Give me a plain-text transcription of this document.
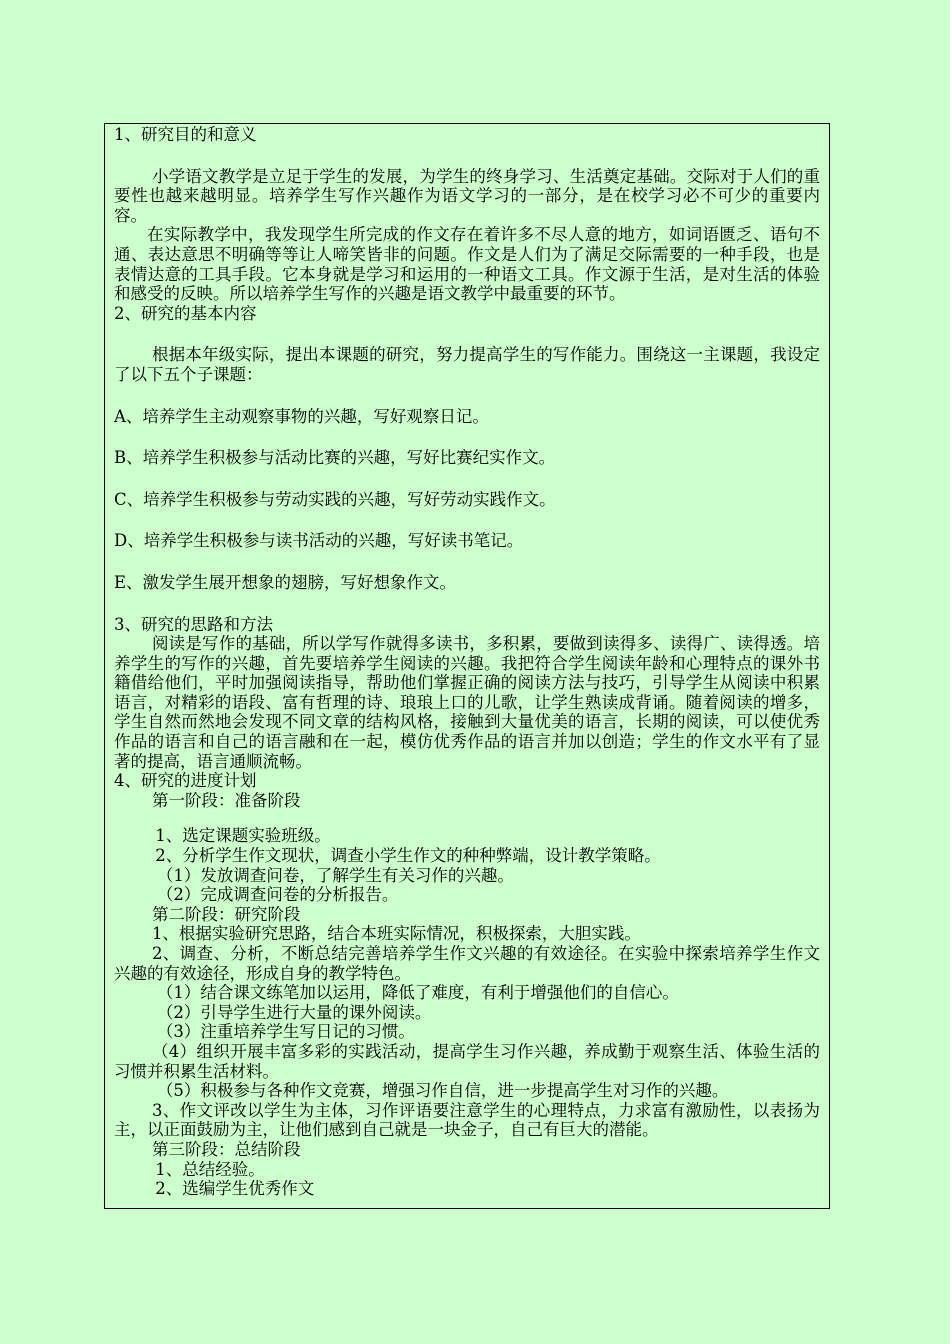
1、研究目的和意义

小学语文教学是立足于学生的发展，为学生的终身学习、生活奠定基础。交际对于人们的重要性也越来越明显。培养学生写作兴趣作为语文学习的一部分，是在校学习必不可少的重要内容。

在实际教学中，我发现学生所完成的作文存在着许多不尽人意的地方，如词语匮乏、语句不通、表达意思不明确等等让人啼笑皆非的问题。作文是人们为了满足交际需要的一种手段，也是表情达意的工具手段。它本身就是学习和运用的一种语文工具。作文源于生活，是对生活的体验和感受的反映。所以培养学生写作的兴趣是语文教学中最重要的环节。

2、研究的基本内容

根据本年级实际，提出本课题的研究，努力提高学生的写作能力。围绕这一主课题，我设定了以下五个子课题：

A、培养学生主动观察事物的兴趣，写好观察日记。

B、培养学生积极参与活动比赛的兴趣，写好比赛纪实作文。

C、培养学生积极参与劳动实践的兴趣，写好劳动实践作文。

D、培养学生积极参与读书活动的兴趣，写好读书笔记。

E、激发学生展开想象的翅膀，写好想象作文。

3、研究的思路和方法

阅读是写作的基础，所以学写作就得多读书，多积累，要做到读得多、读得广、读得透。培养学生的写作的兴趣，首先要培养学生阅读的兴趣。我把符合学生阅读年龄和心理特点的课外书籍借给他们，平时加强阅读指导，帮助他们掌握正确的阅读方法与技巧，引导学生从阅读中积累语言，对精彩的语段、富有哲理的诗、琅琅上口的儿歌，让学生熟读成背诵。随着阅读的增多，学生自然而然地会发现不同文章的结构风格，接触到大量优美的语言，长期的阅读，可以使优秀作品的语言和自己的语言融和在一起，模仿优秀作品的语言并加以创造；学生的作文水平有了显著的提高，语言通顺流畅。

4、研究的进度计划

第一阶段：准备阶段

1、选定课题实验班级。

2、分析学生作文现状，调查小学生作文的种种弊端，设计教学策略。

（1）发放调查问卷，了解学生有关习作的兴趣。

（2）完成调查问卷的分析报告。

第二阶段：研究阶段

1、根据实验研究思路，结合本班实际情况，积极探索，大胆实践。

2、调查、分析，不断总结完善培养学生作文兴趣的有效途径。在实验中探索培养学生作文兴趣的有效途径，形成自身的教学特色。

（1）结合课文练笔加以运用，降低了难度，有利于增强他们的自信心。

（2）引导学生进行大量的课外阅读。

（3）注重培养学生写日记的习惯。

（4）组织开展丰富多彩的实践活动，提高学生习作兴趣，养成勤于观察生活、体验生活的习惯并积累生活材料。

（5）积极参与各种作文竞赛，增强习作自信，进一步提高学生对习作的兴趣。

3、作文评改以学生为主体，习作评语要注意学生的心理特点，力求富有激励性，以表扬为主，以正面鼓励为主，让他们感到自己就是一块金子，自己有巨大的潜能。

第三阶段：总结阶段

1、总结经验。

2、选编学生优秀作文
